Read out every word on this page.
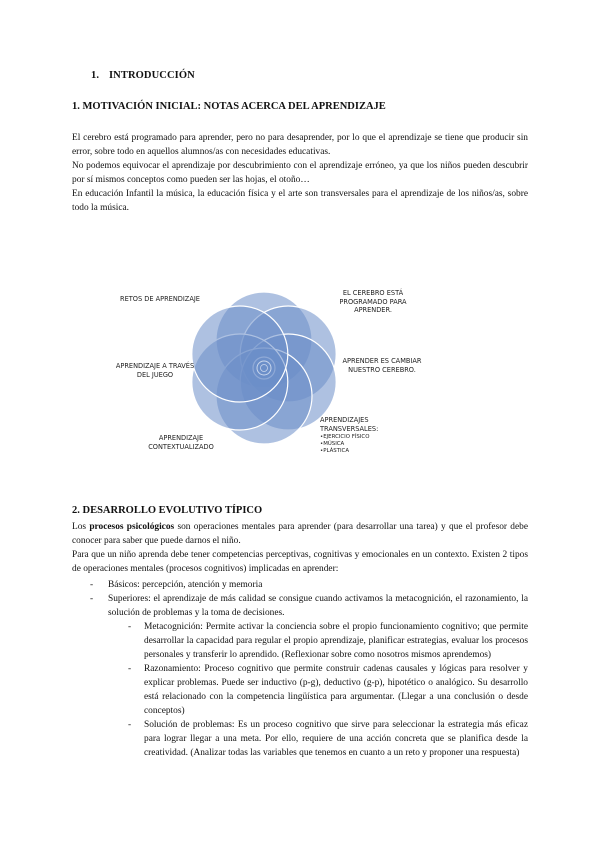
1. INTRODUCCIÓN
1. MOTIVACIÓN INICIAL: NOTAS ACERCA DEL APRENDIZAJE

El cerebro está programado para aprender, pero no para desaprender, por lo que el aprendizaje se tiene que producir sin error, sobre todo en aquellos alumnos/as con necesidades educativas.

No podemos equivocar el aprendizaje por descubrimiento con el aprendizaje erróneo, ya que los niños pueden descubrir por sí mismos conceptos como pueden ser las hojas, el otoño…

En educación Infantil la música, la educación física y el arte son transversales para el aprendizaje de los niños/as, sobre todo la música.

RETOS DE APRENDIZAJE
EL CEREBRO ESTÁ PROGRAMADO PARA APRENDER.
APRENDIZAJE A TRAVÉS DEL JUEGO
APRENDER ES CAMBIAR NUESTRO CEREBRO.
APRENDIZAJE CONTEXTUALIZADO
APRENDIZAJES TRANSVERSALES:
• EJERCICIO FÍSICO
• MÚSICA
• PLÁSTICA
2. DESARROLLO EVOLUTIVO TÍPICO

Los procesos psicológicos son operaciones mentales para aprender (para desarrollar una tarea) y que el profesor debe conocer para saber que puede darnos el niño.

Para que un niño aprenda debe tener competencias perceptivas, cognitivas y emocionales en un contexto. Existen 2 tipos de operaciones mentales (procesos cognitivos) implicadas en aprender:

- Básicos: percepción, atención y memoria
- Superiores: el aprendizaje de más calidad se consigue cuando activamos la metacognición, el razonamiento, la solución de problemas y la toma de decisiones.
- Metacognición: Permite activar la conciencia sobre el propio funcionamiento cognitivo; que permite desarrollar la capacidad para regular el propio aprendizaje, planificar estrategias, evaluar los procesos personales y transferir lo aprendido. (Reflexionar sobre como nosotros mismos aprendemos)
- Razonamiento: Proceso cognitivo que permite construir cadenas causales y lógicas para resolver y explicar problemas. Puede ser inductivo (p-g), deductivo (g-p), hipotético o analógico. Su desarrollo está relacionado con la competencia lingüística para argumentar. (Llegar a una conclusión o desde conceptos)
- Solución de problemas: Es un proceso cognitivo que sirve para seleccionar la estrategia más eficaz para lograr llegar a una meta. Por ello, requiere de una acción concreta que se planifica desde la creatividad. (Analizar todas las variables que tenemos en cuanto a un reto y proponer una respuesta)
